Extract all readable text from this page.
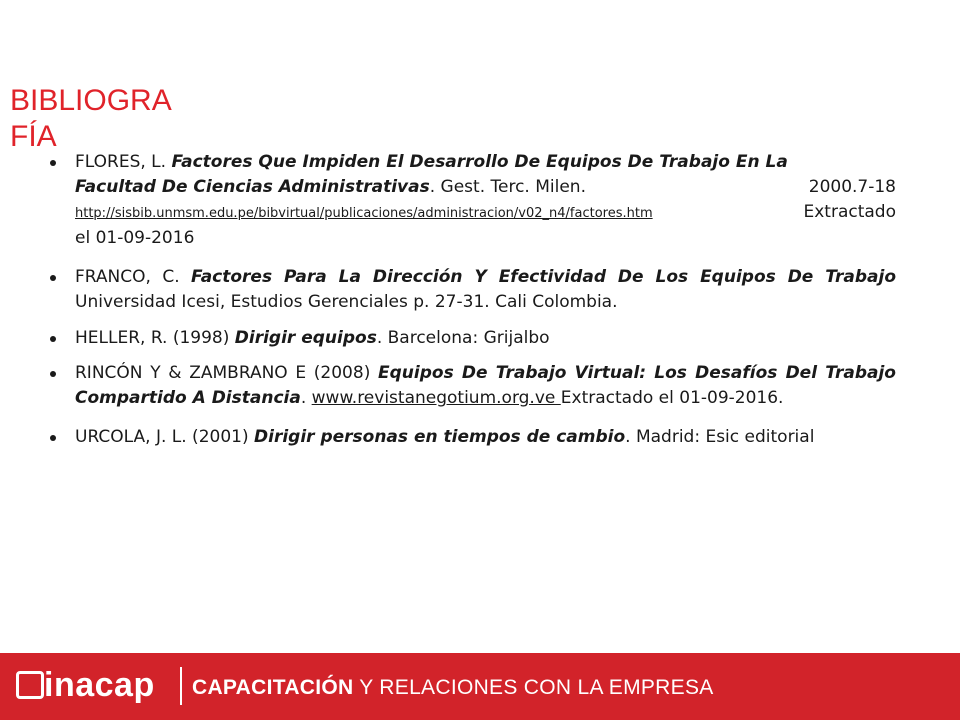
BIBLIOGRA
FÍA
FLORES, L. Factores Que Impiden El Desarrollo De Equipos De Trabajo En La
Facultad De Ciencias Administrativas. Gest. Terc. Milen.	2000.7-18
http://sisbib.unmsm.edu.pe/bibvirtual/publicaciones/administracion/v02_n4/factores.htm	Extractado
el 01-09-2016
FRANCO, C. Factores Para La Dirección Y Efectividad De Los Equipos De Trabajo Universidad Icesi, Estudios Gerenciales p. 27-31. Cali Colombia.
HELLER, R. (1998) Dirigir equipos. Barcelona: Grijalbo
RINCÓN Y & ZAMBRANO E (2008) Equipos De Trabajo Virtual: Los Desafíos Del Trabajo Compartido A Distancia. www.revistanegotium.org.ve Extractado el 01-09-2016.
URCOLA, J. L. (2001) Dirigir personas en tiempos de cambio. Madrid: Esic editorial
inacap CAPACITACIÓN Y RELACIONES CON LA EMPRESA
